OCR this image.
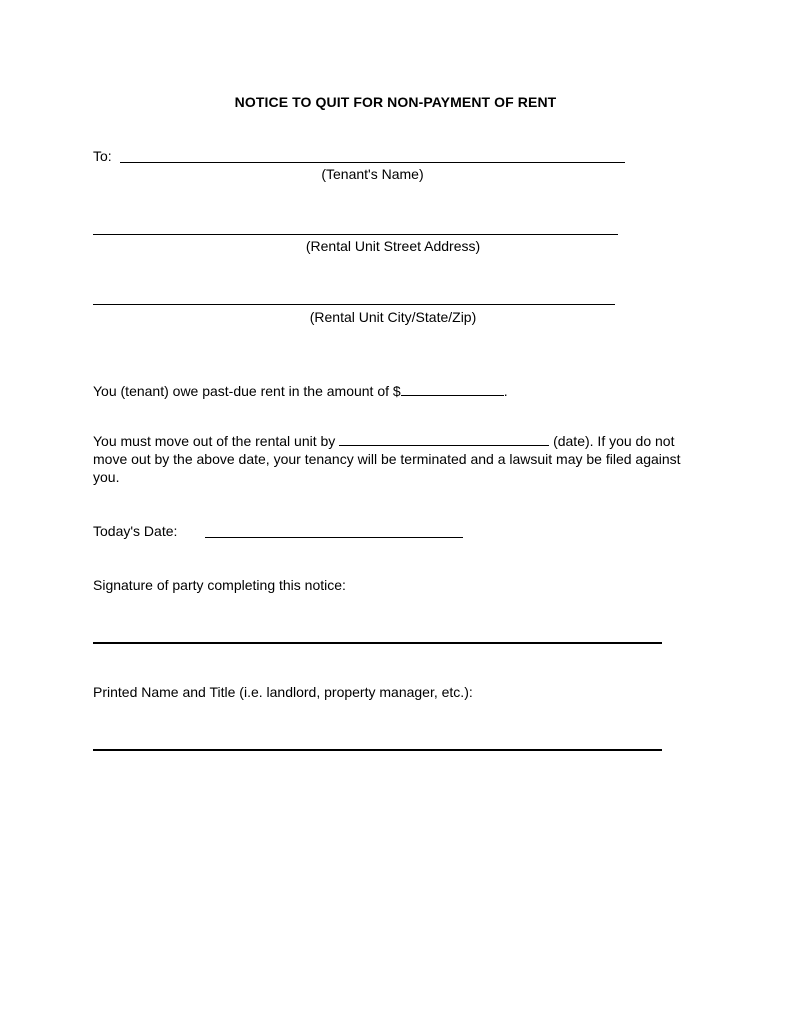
NOTICE TO QUIT FOR NON-PAYMENT OF RENT
To:
(Tenant's Name)
(Rental Unit Street Address)
(Rental Unit City/State/Zip)
You (tenant) owe past-due rent in the amount of $	.
You must move out of the rental unit by	(date). If you do not move out by the above date, your tenancy will be terminated and a lawsuit may be filed against you.
Today's Date:
Signature of party completing this notice:
Printed Name and Title (i.e. landlord, property manager, etc.):
